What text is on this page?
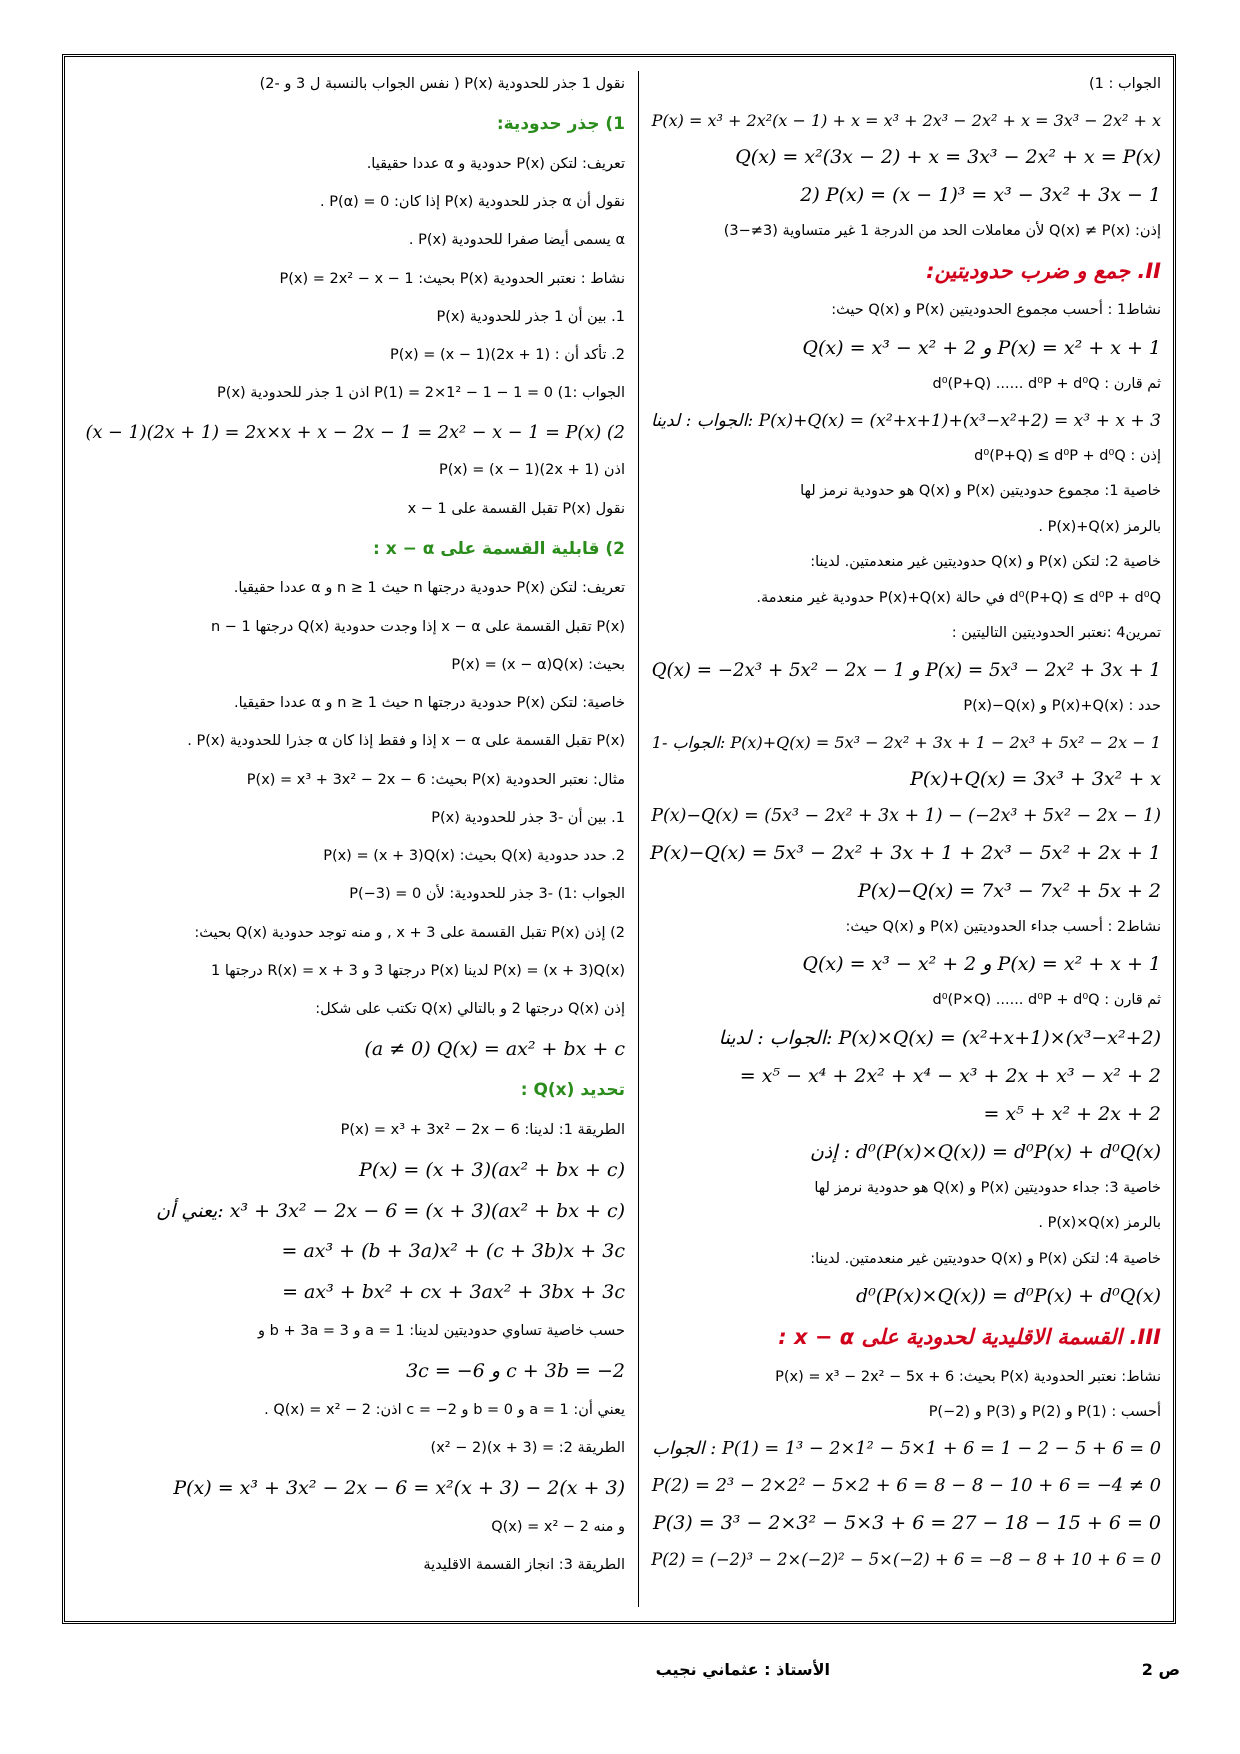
الجواب : 1)
P(x) = x³ + 2x²(x − 1) + x = x³ + 2x³ − 2x² + x = 3x³ − 2x² + x
Q(x) = x²(3x − 2) + x = 3x³ − 2x² + x = P(x)
2) P(x) = (x − 1)³ = x³ − 3x² + 3x − 1
إذن: Q(x) ≠ P(x) لأن معاملات الحد من الدرجة 1 غير متساوية (3≠−3)
II. جمع و ضرب حدوديتين:
نشاط1 : أحسب مجموع الحدوديتين P(x) و Q(x) حيث:
Q(x) = x³ − x² + 2 و P(x) = x² + x + 1
ثم قارن : d⁰(P+Q) ...... d⁰P + d⁰Q
الجواب : لدينا: P(x)+Q(x) = (x²+x+1)+(x³−x²+2) = x³ + x + 3
إذن : d⁰(P+Q) ≤ d⁰P + d⁰Q
خاصية 1: مجموع حدوديتين P(x) و Q(x) هو حدودية نرمز لها
بالرمز P(x)+Q(x) .
خاصية 2: لتكن P(x) و Q(x) حدوديتين غير منعدمتين. لدينا:
d⁰(P+Q) ≤ d⁰P + d⁰Q في حالة P(x)+Q(x) حدودية غير منعدمة.
تمرين4 :نعتبر الحدوديتين التاليتين :
Q(x) = −2x³ + 5x² − 2x − 1 و P(x) = 5x³ − 2x² + 3x + 1
حدد : P(x)+Q(x) و P(x)−Q(x)
الجواب -1: P(x)+Q(x) = 5x³ − 2x² + 3x + 1 − 2x³ + 5x² − 2x − 1
P(x)+Q(x) = 3x³ + 3x² + x
P(x)−Q(x) = (5x³ − 2x² + 3x + 1) − (−2x³ + 5x² − 2x − 1)
P(x)−Q(x) = 5x³ − 2x² + 3x + 1 + 2x³ − 5x² + 2x + 1
P(x)−Q(x) = 7x³ − 7x² + 5x + 2
نشاط2 : أحسب جداء الحدوديتين P(x) و Q(x) حيث:
Q(x) = x³ − x² + 2 و P(x) = x² + x + 1
ثم قارن : d⁰(P×Q) ...... d⁰P + d⁰Q
الجواب : لدينا: P(x)×Q(x) = (x²+x+1)×(x³−x²+2)
= x⁵ − x⁴ + 2x² + x⁴ − x³ + 2x + x³ − x² + 2
= x⁵ + x² + 2x + 2
إذن : d⁰(P(x)×Q(x)) = d⁰P(x) + d⁰Q(x)
خاصية 3: جداء حدوديتين P(x) و Q(x) هو حدودية نرمز لها
بالرمز P(x)×Q(x) .
خاصية 4: لتكن P(x) و Q(x) حدوديتين غير منعدمتين. لدينا:
d⁰(P(x)×Q(x)) = d⁰P(x) + d⁰Q(x)
III. القسمة الاقليدية لحدودية على x − α :
نشاط: نعتبر الحدودية P(x) بحيث: P(x) = x³ − 2x² − 5x + 6
أحسب : P(1) و P(2) و P(3) و P(−2)
الجواب : P(1) = 1³ − 2×1² − 5×1 + 6 = 1 − 2 − 5 + 6 = 0
P(2) = 2³ − 2×2² − 5×2 + 6 = 8 − 8 − 10 + 6 = −4 ≠ 0
P(3) = 3³ − 2×3² − 5×3 + 6 = 27 − 18 − 15 + 6 = 0
P(2) = (−2)³ − 2×(−2)² − 5×(−2) + 6 = −8 − 8 + 10 + 6 = 0
نقول 1 جذر للحدودية P(x) ( نفس الجواب بالنسبة ل 3 و -2)
1) جذر حدودية:
تعريف: لتكن P(x) حدودية و α عددا حقيقيا.
نقول أن α جذر للحدودية P(x) إذا كان: P(α) = 0 .
α يسمى أيضا صفرا للحدودية P(x) .
نشاط : نعتبر الحدودية P(x) بحيث: P(x) = 2x² − x − 1
1. بين أن 1 جذر للحدودية P(x)
2. تأكد أن : P(x) = (x − 1)(2x + 1)
الجواب :1) P(1) = 2×1² − 1 − 1 = 0 اذن 1 جذر للحدودية P(x)
(x − 1)(2x + 1) = 2x×x + x − 2x − 1 = 2x² − x − 1 = P(x) (2
اذن P(x) = (x − 1)(2x + 1)
نقول P(x) تقبل القسمة على x − 1
2) قابلية القسمة على x − α :
تعريف: لتكن P(x) حدودية درجتها n حيث n ≥ 1 و α عددا حقيقيا.
P(x) تقبل القسمة على x − α إذا وجدت حدودية Q(x) درجتها n − 1
بحيث: P(x) = (x − α)Q(x)
خاصية: لتكن P(x) حدودية درجتها n حيث n ≥ 1 و α عددا حقيقيا.
P(x) تقبل القسمة على x − α إذا و فقط إذا كان α جذرا للحدودية P(x) .
مثال: نعتبر الحدودية P(x) بحيث: P(x) = x³ + 3x² − 2x − 6
1. بين أن -3 جذر للحدودية P(x)
2. حدد حدودية Q(x) بحيث: P(x) = (x + 3)Q(x)
الجواب :1) -3 جذر للحدودية: لأن P(−3) = 0
2) إذن P(x) تقبل القسمة على x + 3 , و منه توجد حدودية Q(x) بحيث:
P(x) = (x + 3)Q(x) لدينا P(x) درجتها 3 و R(x) = x + 3 درجتها 1
إذن Q(x) درجتها 2 و بالتالي Q(x) تكتب على شكل:
(a ≠ 0) Q(x) = ax² + bx + c
تحديد Q(x) :
الطريقة 1: لدينا: P(x) = x³ + 3x² − 2x − 6
P(x) = (x + 3)(ax² + bx + c)
يعني أن: x³ + 3x² − 2x − 6 = (x + 3)(ax² + bx + c)
= ax³ + (b + 3a)x² + (c + 3b)x + 3c
= ax³ + bx² + cx + 3ax² + 3bx + 3c
حسب خاصية تساوي حدوديتين لدينا: a = 1 و b + 3a = 3 و
3c = −6 و c + 3b = −2
يعني أن: a = 1 و b = 0 و c = −2 اذن: Q(x) = x² − 2 .
الطريقة 2: = (x + 3)(x² − 2)
P(x) = x³ + 3x² − 2x − 6 = x²(x + 3) − 2(x + 3)
و منه Q(x) = x² − 2
الطريقة 3: انجاز القسمة الاقليدية
ص 2
الأستاذ : عثماني نجيب
